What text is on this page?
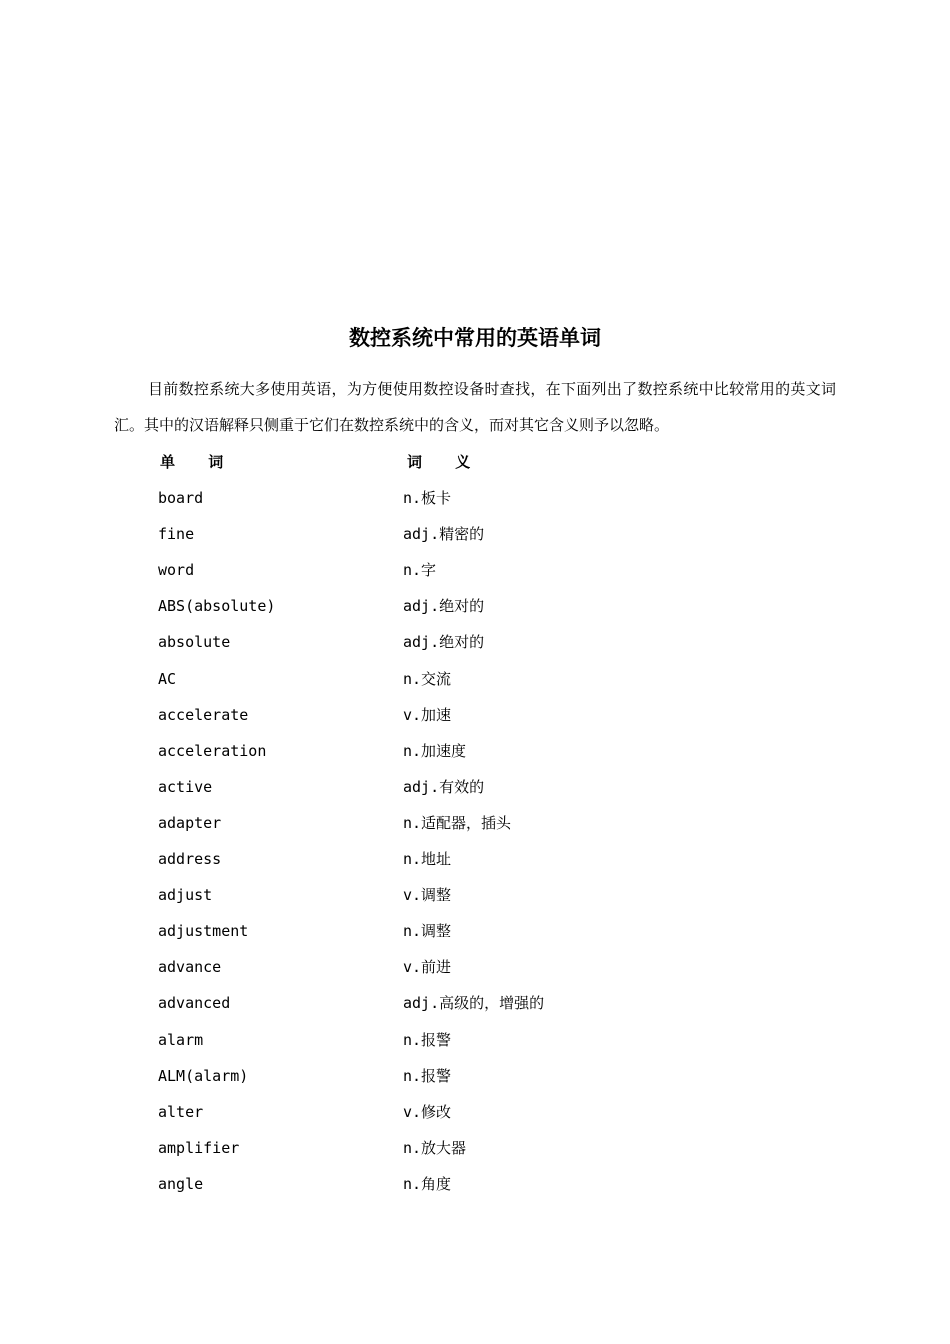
数控系统中常用的英语单词

目前数控系统大多使用英语，为方便使用数控设备时查找，在下面列出了数控系统中比较常用的英文词汇。其中的汉语解释只侧重于它们在数控系统中的含义，而对其它含义则予以忽略。

单 词	词 义
board	n.板卡
fine	adj.精密的
word	n.字
ABS(absolute)	adj.绝对的
absolute	adj.绝对的
AC	n.交流
accelerate	v.加速
acceleration	n.加速度
active	adj.有效的
adapter	n.适配器，插头
address	n.地址
adjust	v.调整
adjustment	n.调整
advance	v.前进
advanced	adj.高级的，增强的
alarm	n.报警
ALM(alarm)	n.报警
alter	v.修改
amplifier	n.放大器
angle	n.角度
